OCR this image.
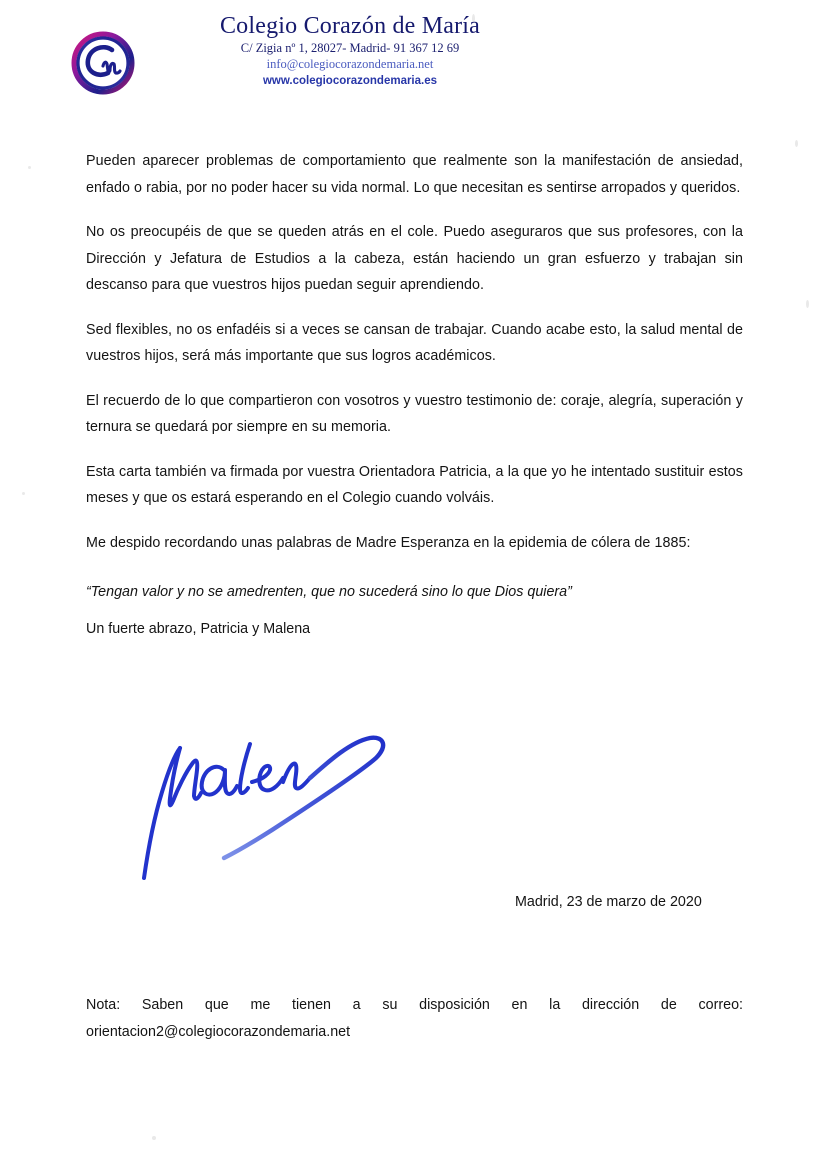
Colegio Corazón de María
C/ Zigia nº 1, 28027- Madrid- 91 367 12 69
info@colegiocorazondemaria.net
www.colegiocorazondemaria.es

Pueden aparecer problemas de comportamiento que realmente son la manifestación de ansiedad, enfado o rabia, por no poder hacer su vida normal. Lo que necesitan es sentirse arropados y queridos.

No os preocupéis de que se queden atrás en el cole. Puedo aseguraros que sus profesores, con la Dirección y Jefatura de Estudios a la cabeza, están haciendo un gran esfuerzo y trabajan sin descanso para que vuestros hijos puedan seguir aprendiendo.

Sed flexibles, no os enfadéis si a veces se cansan de trabajar. Cuando acabe esto, la salud mental de vuestros hijos, será más importante que sus logros académicos.

El recuerdo de lo que compartieron con vosotros y vuestro testimonio de: coraje, alegría, superación y ternura se quedará por siempre en su memoria.

Esta carta también va firmada por vuestra Orientadora Patricia, a la que yo he intentado sustituir estos meses y que os estará esperando en el Colegio cuando volváis.

Me despido recordando unas palabras de Madre Esperanza en la epidemia de cólera de 1885:

“Tengan valor y no se amedrenten, que no sucederá sino lo que Dios quiera”

Un fuerte abrazo, Patricia y Malena
Madrid, 23 de marzo de 2020

Nota: Saben que me tienen a su disposición en la dirección de correo: orientacion2@colegiocorazondemaria.net
